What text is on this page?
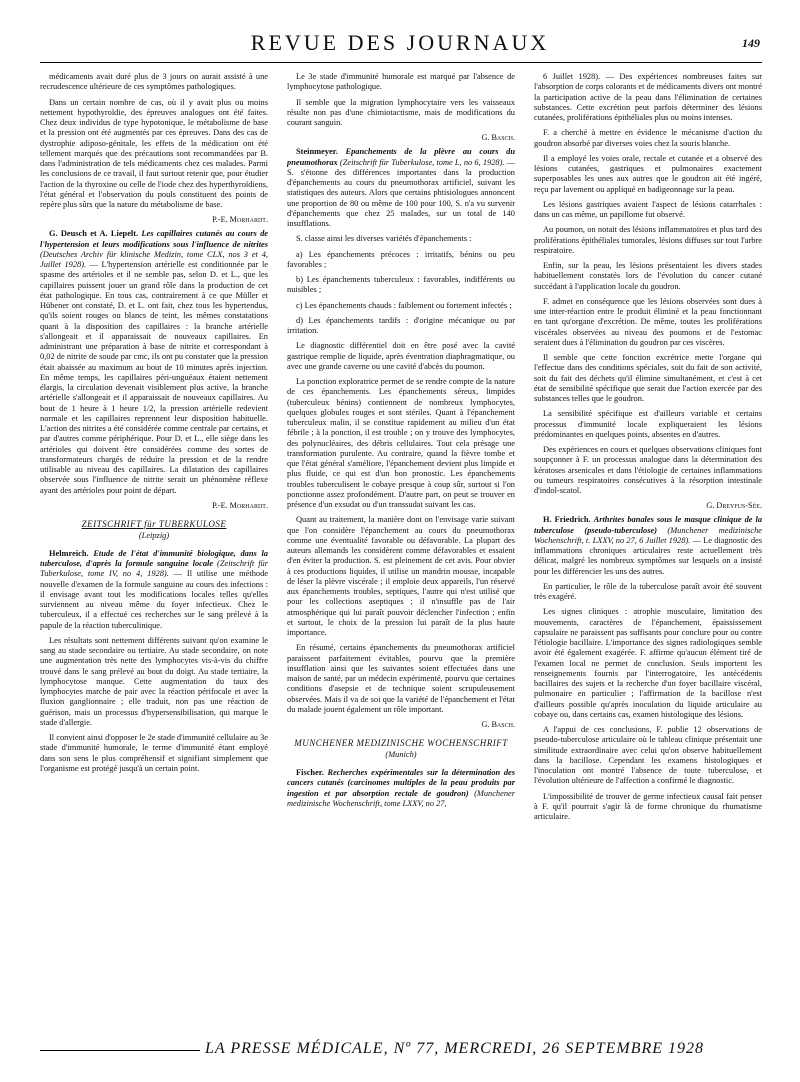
REVUE DES JOURNAUX	149

médicaments avait duré plus de 3 jours on aurait assisté à une recrudescence ultérieure de ces symptômes pathologiques.

Dans un certain nombre de cas, où il y avait plus ou moins nettement hypothyroïdie, des épreuves analogues ont été faites. Chez deux individus de type hypotonique, le métabolisme de base et la pression ont été augmentés par ces épreuves. Dans des cas de dystrophie adiposo-génitale, les effets de la médication ont été tellement marqués que des précautions sont recommandées par B. dans l'administration de tels médicaments chez ces malades. Parmi les conclusions de ce travail, il faut surtout retenir que, pour étudier l'action de la thyroxine ou celle de l'iode chez des hyperthyroïdiens, l'état général et l'observation du pouls constituent des points de repère plus sûrs que la nature du métabolisme de base.

P.-E. Morhardt.

G. Deusch et A. Liepelt. Les capillaires cutanés au cours de l'hypertension et leurs modifications sous l'influence de nitrites (Deutsches Archiv für klinische Medizin, tome CLX, nos 3 et 4, Juillet 1928). — L'hypertension artérielle est conditionnée par le spasme des artérioles et il ne semble pas, selon D. et L., que les capillaires puissent jouer un grand rôle dans la production de cet état pathologique. En tous cas, contrairement à ce que Müller et Hübener ont constaté, D. et L. ont fait, chez tous les hypertendus, qu'ils soient rouges ou blancs de teint, les mêmes constatations quant à la disposition des capillaires : la branche artérielle s'allongeait et il apparaissait de nouveaux capillaires. En administrant une préparation à base de nitrite et correspondant à 0,02 de nitrite de soude par cmc, ils ont pu constater que la pression était abaissée au maximum au bout de 10 minutes après injection. En même temps, les capillaires péri-unguéaux étaient nettement élargis, la circulation devenait visiblement plus active, la branche artérielle s'allongeait et il apparaissait de nouveaux capillaires. Au bout de 1 heure à 1 heure 1/2, la pression artérielle redevient normale et les capillaires reprennent leur disposition habituelle. L'action des nitrites a été considérée comme centrale par certains, et par d'autres comme périphérique. Pour D. et L., elle siège dans les artérioles qui doivent être considérées comme des sortes de transformateurs chargés de réduire la pression et de la rendre utilisable au niveau des capillaires. La dilatation des capillaires observée sous l'influence de nitrite serait un phénomène réflexe ayant des artérioles pour point de départ.

P.-E. Morhardt.
ZEITSCHRIFT für TUBERKULOSE
(Leipzig)

Helmreich. Etude de l'état d'immunité biologique, dans la tuberculose, d'après la formule sanguine locale (Zeitschrift für Tuberkulose, tome IV, no 4, 1928). — Il utilise une méthode nouvelle d'examen de la formule sanguine au cours des infections : il envisage avant tout les modifications locales telles qu'elles surviennent au niveau même du foyer infectieux. Chez le tuberculeux, il a effectué ces recherches sur le sang prélevé à la papule de la réaction tuberculinique.

Les résultats sont nettement différents suivant qu'on examine le sang au stade secondaire ou tertiaire. Au stade secondaire, on note une augmentation très nette des lymphocytes vis-à-vis du chiffre trouvé dans le sang prélevé au bout du doigt. Au stade tertiaire, la lymphocytose manque. Cette augmentation du taux des lymphocytes marche de pair avec la réaction périfocale et avec la fluxion ganglionnaire ; elle traduit, non pas une réaction de guérison, mais un processus d'hypersensibilisation, qui marque le stade d'allergie.

Il convient ainsi d'opposer le 2e stade d'immunité cellulaire au 3e stade d'immunité humorale, le terme d'immunité étant employé dans son sens le plus compréhensif et signifiant simplement que l'organisme est protégé jusqu'à un certain point.

Le 3e stade d'immunité humorale est marqué par l'absence de lymphocytose pathologique.

Il semble que la migration lymphocytaire vers les vaisseaux résulte non pas d'une chimiotactisme, mais de modifications du courant sanguin.

G. Basch.

Steinmeyer. Epanchements de la plèvre au cours du pneumothorax (Zeitschrift für Tuberkulose, tome L, no 6, 1928). — S. s'étonne des différences importantes dans la production d'épanchements au cours du pneumothorax artificiel, suivant les statistiques des auteurs. Alors que certains phtisiologues annoncent une proportion de 80 ou même de 100 pour 100, S. n'a vu survenir d'épanchements que chez 25 malades, sur un total de 140 insufflations.

S. classe ainsi les diverses variétés d'épanchements :

a) Les épanchements précoces : irritatifs, bénins ou peu favorables ;

b) Les épanchements tuberculeux : favorables, indifférents ou nuisibles ;

c) Les épanchements chauds : faiblement ou fortement infectés ;

d) Les épanchements tardifs : d'origine mécanique ou par irritation.

Le diagnostic différentiel doit en être posé avec la cavité gastrique remplie de liquide, après éventration diaphragmatique, ou avec une grande caverne ou une cavité d'abcès du poumon.

La ponction exploratrice permet de se rendre compte de la nature de ces épanchements. Les épanchements séreux, limpides (tuberculeux bénins) contiennent de nombreux lymphocytes, quelques globules rouges et sont stériles. Quant à l'épanchement tuberculeux malin, il se constitue rapidement au milieu d'un état fébrile ; à la ponction, il est trouble ; on y trouve des lymphocytes, des polynucléaires, des débris cellulaires. Tout cela présage une transformation purulente. Au contraire, quand la fièvre tombe et que l'état général s'améliore, l'épanchement devient plus limpide et plus fluide, ce qui est d'un bon pronostic. Les épanchements troubles tuberculisent le cobaye presque à coup sûr, surtout si l'on ponctionne assez profondément. D'autre part, on peut se trouver en présence d'un exsudat ou d'un transsudat suivant les cas.

Quant au traitement, la manière dont on l'envisage varie suivant que l'on considère l'épanchement au cours du pneumothorax comme une éventualité favorable ou défavorable. La plupart des auteurs allemands les considèrent comme défavorables et essaient d'en éviter la production. S. est pleinement de cet avis. Pour obvier à ces productions liquides, il utilise un mandrin mousse, incapable de léser la plèvre viscérale ; il emploie deux appareils, l'un réservé aux épanchements troubles, septiques, l'autre qui n'est utilisé que pour les collections aseptiques ; il n'insuffle pas de l'air atmosphérique qui lui paraît pouvoir déclencher l'infection ; enfin et surtout, le choix de la pression lui paraît de la plus haute importance.

En résumé, certains épanchements du pneumothorax artificiel paraissent parfaitement évitables, pourvu que la première insufflation ainsi que les suivantes soient effectuées dans une maison de santé, par un médecin expérimenté, pourvu que certaines conditions d'asepsie et de technique soient scrupuleusement observées. Mais il va de soi que la variété de l'épanchement et l'état du malade jouent également un rôle important.

G. Basch.
MUNCHENER MEDIZINISCHE WOCHENSCHRIFT
(Munich)

Fischer. Recherches expérimentales sur la détermination des cancers cutanés (carcinomes multiples de la peau produits par ingestion et par absorption rectale de goudron) (Munchener medizinische Wochenschrift, tome LXXV, no 27,

6 Juillet 1928). — Des expériences nombreuses faites sur l'absorption de corps colorants et de médicaments divers ont montré la participation active de la peau dans l'élimination de certaines substances. Cette excrétion peut parfois déterminer des lésions cutanées, proliférations épithéliales plus ou moins intenses.

F. a cherché à mettre en évidence le mécanisme d'action du goudron absorbé par diverses voies chez la souris blanche.

Il a employé les voies orale, rectale et cutanée et a observé des lésions cutanées, gastriques et pulmonaires exactement superposables les unes aux autres que le goudron ait été ingéré, reçu par lavement ou appliqué en badigeonnage sur la peau.

Les lésions gastriques avaient l'aspect de lésions catarrhales : dans un cas même, un papillome fut observé.

Au poumon, on notait des lésions inflammatoires et plus tard des proliférations épithéliales tumorales, lésions diffuses sur tout l'arbre respiratoire.

Enfin, sur la peau, les lésions présentaient les divers stades habituellement constatés lors de l'évolution du cancer cutané succédant à l'application locale du goudron.

F. admet en conséquence que les lésions observées sont dues à une inter-réaction entre le produit éliminé et la peau fonctionnant en tant qu'organe d'excrétion. De même, toutes les proliférations viscérales observées au niveau des poumons et de l'estomac seraient dues à l'élimination du goudron par ces viscères.

Il semble que cette fonction excrétrice mette l'organe qui l'effectue dans des conditions spéciales, soit du fait de son activité, soit du fait des déchets qu'il élimine simultanément, et c'est à cet état de sensibilité spécifique que serait due l'action exercée par des substances telles que le goudron.

La sensibilité spécifique est d'ailleurs variable et certains processus d'immunité locale expliqueraient les lésions prédominantes en quelques points, absentes en d'autres.

Des expériences en cours et quelques observations cliniques font soupçonner à F. un processus analogue dans la détermination des kératoses arsenicales et dans l'étiologie de certaines inflammations ou tumeurs respiratoires consécutives à la résorption intestinale d'indol-scatol.

G. Dreyfus-Sée.

H. Friedrich. Arthrites banales sous le masque clinique de la tuberculose (pseudo-tuberculose) (Munchener medizinische Wochenschrift, t. LXXV, no 27, 6 Juillet 1928). — Le diagnostic des inflammations chroniques articulaires reste actuellement très délicat, malgré les nombreux symptômes sur lesquels on a insisté pour les différencier les uns des autres.

En particulier, le rôle de la tuberculose paraît avoir été souvent très exagéré.

Les signes cliniques : atrophie musculaire, limitation des mouvements, caractères de l'épanchement, épaississement capsulaire ne paraissent pas suffisants pour conclure pour ou contre l'étiologie bacillaire. L'importance des signes radiologiques semble avoir été également exagérée. F. affirme qu'aucun élément tiré de l'examen local ne permet de conclusion. Seuls importent les renseignements fournis par l'interrogatoire, les antécédents bacillaires des sujets et la recherche d'un foyer bacillaire viscéral, pulmonaire en particulier ; l'affirmation de la bacillose n'est d'ailleurs possible qu'après inoculation du liquide articulaire au cobaye ou, dans certains cas, examen histologique des lésions.

A l'appui de ces conclusions, F. publie 12 observations de pseudo-tuberculose articulaire où le tableau clinique présentait une similitude extraordinaire avec celui qu'on observe habituellement dans la bacillose. Cependant les examens histologiques et l'inoculation ont montré l'absence de toute tuberculose, et l'évolution ultérieure de l'affection a confirmé le diagnostic.

L'impossibilité de trouver de germe infectieux causal fait penser à F. qu'il pourrait s'agir là de forme chronique du rhumatisme articulaire.

LA PRESSE MÉDICALE, Nº 77, MERCREDI, 26 SEPTEMBRE 1928
